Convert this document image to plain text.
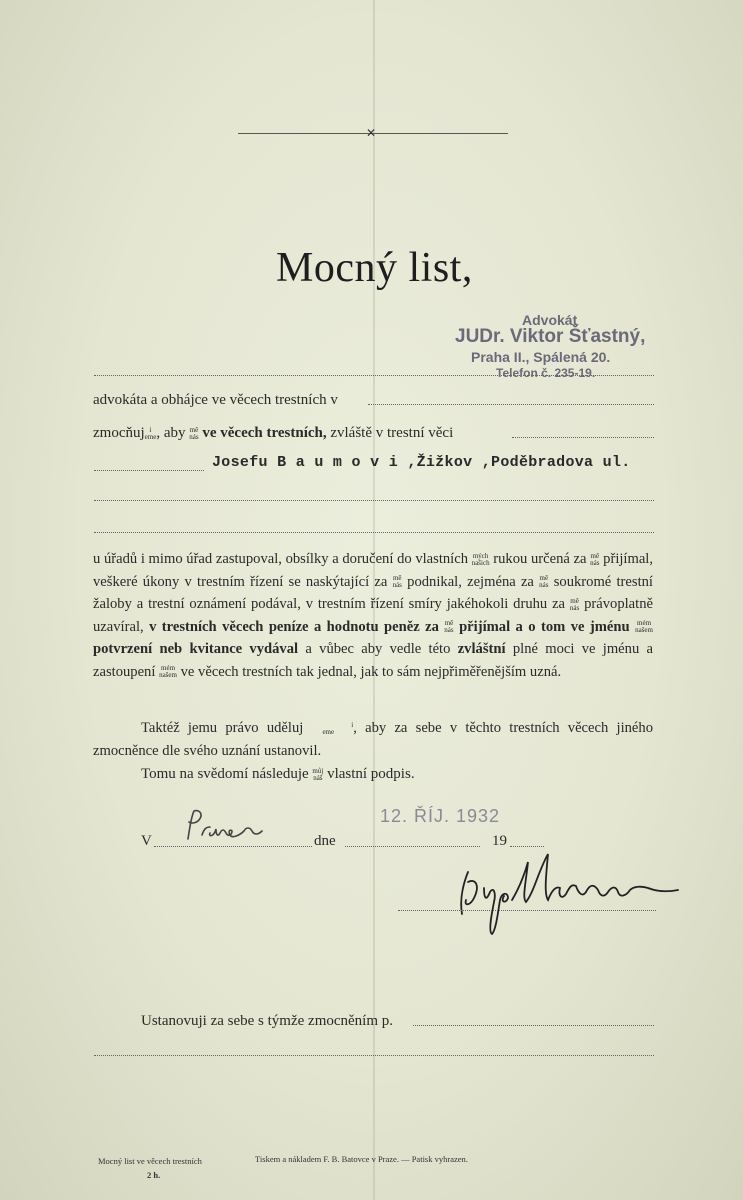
✕
Mocný list,
Advokát
JUDr. Viktor Šťastný,
Praha II., Spálená 20.
Telefon č. 235-19.
advokáta a obhájce ve věcech trestních v
zmocňuj i
eme, aby mě
nás ve věcech trestních, zvláště v trestní věci
Josefu B a u m o v i ,Žižkov ,Poděbradova ul.
u úřadů i mimo úřad zastupoval, obsílky a doručení do vlastních mých
našich rukou určená za mě
nás přijímal, veškeré úkony v trestním řízení se naskýtající za mě
nás podnikal, zejména za mě
nás soukromé trestní žaloby a trestní oznámení podával, v trestním řízení smíry jakéhokoli druhu za mě
nás právoplatně uzavíral, v trestních věcech peníze a hodnotu peněz za mě
nás přijímal a o tom ve jménu mém
našem potvrzení neb kvitance vydával a vůbec aby vedle této zvláštní plné moci ve jménu a zastoupení mém
našem ve věcech trestních tak jednal, jak to sám nejpřiměřenějším uzná.
Taktéž jemu právo uděluj	i
eme , aby za sebe v těchto trestních věcech jiného zmocněnce dle svého uznání ustanovil.
Tomu na svědomí následuje můj
náš vlastní podpis.
V	dne
12. ŘÍJ. 1932
19
Ustanovuji za sebe s týmže zmocněním p.
Mocný list ve věcech trestních
2 h.
Tiskem a nákladem F. B. Batovce v Praze. — Patisk vyhrazen.
